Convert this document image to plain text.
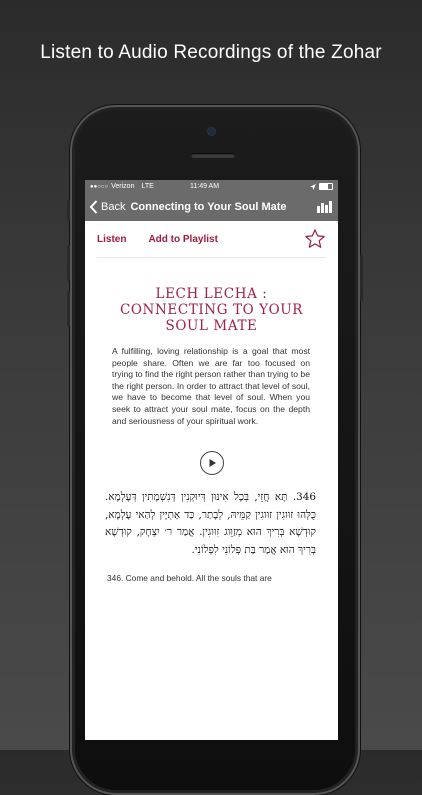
Listen to Audio Recordings of the Zohar
●●○○○ Verizon LTE	11:49 AM
Back Connecting to Your Soul Mate
Listen Add to Playlist
LECH LECHA :
CONNECTING TO YOUR
SOUL MATE
A fulfilling, loving relationship is a goal that most people share. Often we are far too focused on trying to find the right person rather than trying to be the right person. In order to attract that level of soul, we have to become that level of soul. When you seek to attract your soul mate, focus on the depth and seriousness of your spiritual work.
346. תָּא חֲזֵי, בְּכָל אִינּוּן דְּיוּקְנִין דְּנִשְׁמָתִין דְּעָלְמָא. כֻּלְּהוּ זוּוגִין זוּוגִין קַמֵּיהּ, לְבָתַר, כַּד אַתְיָין לְהַאי עָלְמָא, קוּדְשָׁא בְּרִיךְ הוּא מְזַוֵּוג זִוּוגִין. אֲמַר ר׳ יִצְחָק, קוּדְשָׁא בְּרִיךְ הוּא אֲמַר בַּת פְּלוֹנִי לִפְלוֹנִי.
346. Come and behold. All the souls that are
